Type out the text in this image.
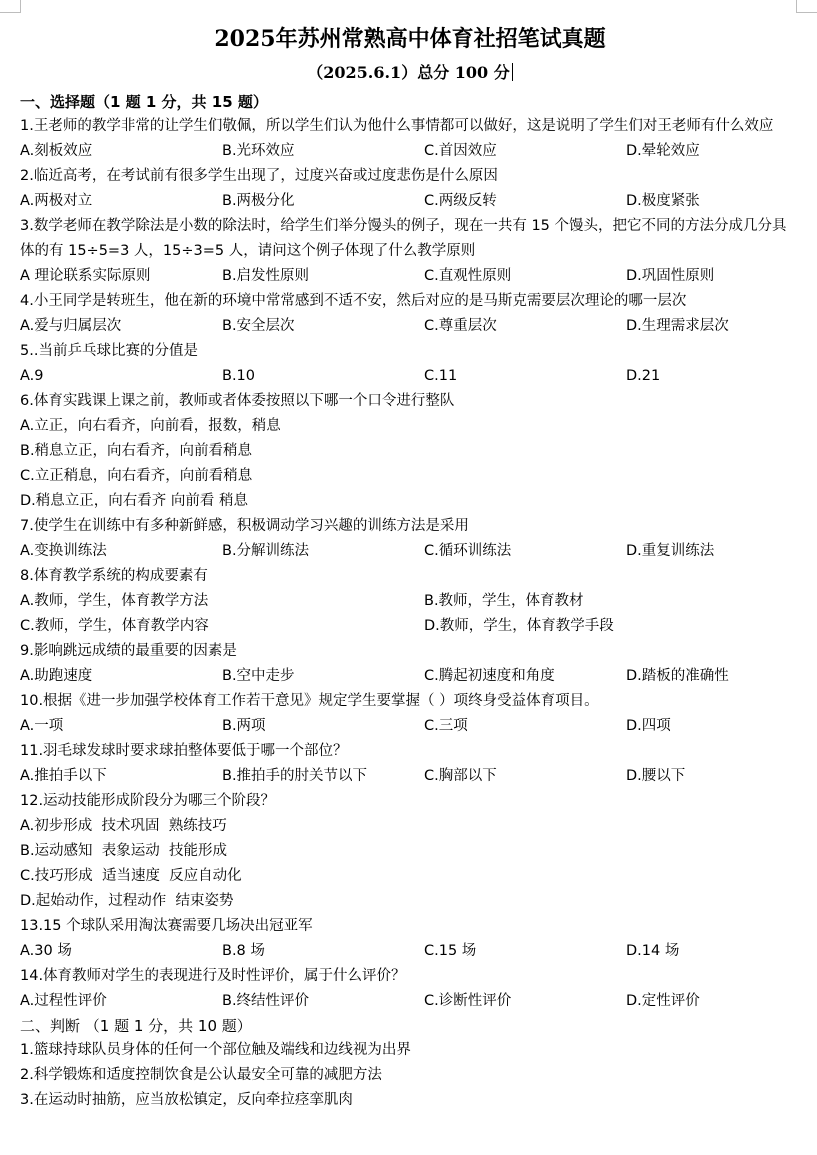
2025年苏州常熟高中体育社招笔试真题
（2025.6.1）总分 100 分
一、选择题（1 题 1 分，共 15 题）
1.王老师的教学非常的让学生们敬佩，所以学生们认为他什么事情都可以做好，这是说明了学生们对王老师有什么效应
A.刻板效应	B.光环效应	C.首因效应	D.晕轮效应
2.临近高考，在考试前有很多学生出现了，过度兴奋或过度悲伤是什么原因
A.两极对立	B.两极分化	C.两级反转	D.极度紧张
3.数学老师在教学除法是小数的除法时，给学生们举分馒头的例子，现在一共有 15 个馒头，把它不同的方法分成几分具体的有 15÷5=3 人，15÷3=5 人，请问这个例子体现了什么教学原则
A 理论联系实际原则	B.启发性原则	C.直观性原则	D.巩固性原则
4.小王同学是转班生，他在新的环境中常常感到不适不安，然后对应的是马斯克需要层次理论的哪一层次
A.爱与归属层次	B.安全层次	C.尊重层次	D.生理需求层次
5..当前乒乓球比赛的分值是
A.9	B.10	C.11	D.21
6.体育实践课上课之前，教师或者体委按照以下哪一个口令进行整队
A.立正，向右看齐，向前看，报数，稍息
B.稍息立正，向右看齐，向前看稍息
C.立正稍息，向右看齐，向前看稍息
D.稍息立正，向右看齐 向前看 稍息
7.使学生在训练中有多种新鲜感，积极调动学习兴趣的训练方法是采用
A.变换训练法	B.分解训练法	C.循环训练法	D.重复训练法
8.体育教学系统的构成要素有
A.教师，学生，体育教学方法	B.教师，学生，体育教材
C.教师，学生，体育教学内容	D.教师，学生，体育教学手段
9.影响跳远成绩的最重要的因素是
A.助跑速度	B.空中走步	C.腾起初速度和角度	D.踏板的准确性
10.根据《进一步加强学校体育工作若干意见》规定学生要掌握（ ）项终身受益体育项目。
A.一项	B.两项	C.三项	D.四项
11.羽毛球发球时要求球拍整体要低于哪一个部位？
A.推拍手以下	B.推拍手的肘关节以下	C.胸部以下	D.腰以下
12.运动技能形成阶段分为哪三个阶段？
A.初步形成  技术巩固  熟练技巧
B.运动感知  表象运动  技能形成
C.技巧形成  适当速度  反应自动化
D.起始动作，过程动作  结束姿势
13.15 个球队采用淘汰赛需要几场决出冠亚军
A.30 场	B.8 场	C.15 场	D.14 场
14.体育教师对学生的表现进行及时性评价，属于什么评价？
A.过程性评价	B.终结性评价	C.诊断性评价	D.定性评价
二、判断 （1 题 1 分，共 10 题）
1.篮球持球队员身体的任何一个部位触及端线和边线视为出界
2.科学锻炼和适度控制饮食是公认最安全可靠的减肥方法
3.在运动时抽筋，应当放松镇定，反向牵拉痉挛肌肉
